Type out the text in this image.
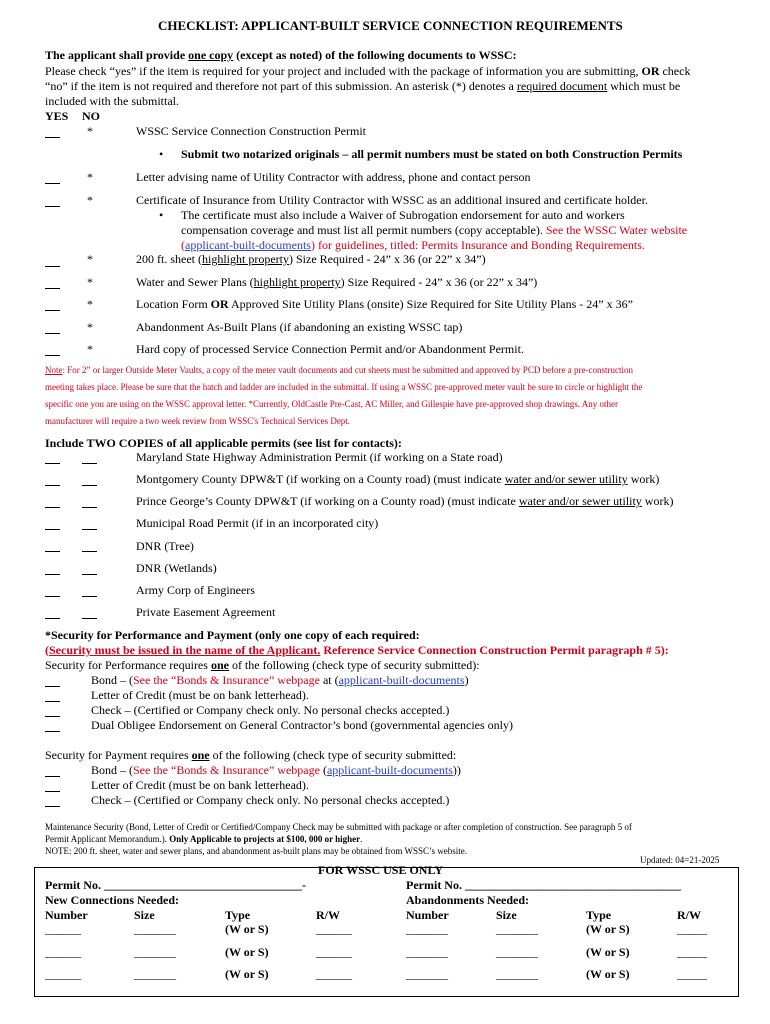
CHECKLIST: APPLICANT-BUILT SERVICE CONNECTION REQUIREMENTS
The applicant shall provide one copy (except as noted) of the following documents to WSSC:
Please check “yes” if the item is required for your project and included with the package of information you are submitting, OR check
“no” if the item is not required and therefore not part of this submission. An asterisk (*) denotes a required document which must be
included with the submittal.
YES NO
*	WSSC Service Connection Construction Permit
• Submit two notarized originals – all permit numbers must be stated on both Construction Permits
*	Letter advising name of Utility Contractor with address, phone and contact person
*	Certificate of Insurance from Utility Contractor with WSSC as an additional insured and certificate holder.
• The certificate must also include a Waiver of Subrogation endorsement for auto and workers
compensation coverage and must list all permit numbers (copy acceptable). See the WSSC Water website
(applicant-built-documents) for guidelines, titled: Permits Insurance and Bonding Requirements.
*	200 ft. sheet (highlight property) Size Required - 24” x 36 (or 22” x 34”)
*	Water and Sewer Plans (highlight property) Size Required - 24” x 36 (or 22” x 34”)
*	Location Form OR Approved Site Utility Plans (onsite) Size Required for Site Utility Plans - 24” x 36”
*	Abandonment As-Built Plans (if abandoning an existing WSSC tap)
*	Hard copy of processed Service Connection Permit and/or Abandonment Permit.
Note: For 2” or larger Outside Meter Vaults, a copy of the meter vault documents and cut sheets must be submitted and approved by PCD before a pre-construction
meeting takes place. Please be sure that the hatch and ladder are included in the submittal. If using a WSSC pre-approved meter vault be sure to circle or highlight the
specific one you are using on the WSSC approval letter. *Currently, OldCastle Pre-Cast, AC Miller, and Gillespie have pre-approved shop drawings. Any other
manufacturer will require a two week review from WSSC's Technical Services Dept.
Include TWO COPIES of all applicable permits (see list for contacts):
Maryland State Highway Administration Permit (if working on a State road)
Montgomery County DPW&T (if working on a County road) (must indicate water and/or sewer utility work)
Prince George’s County DPW&T (if working on a County road) (must indicate water and/or sewer utility work)
Municipal Road Permit (if in an incorporated city)
DNR (Tree)
DNR (Wetlands)
Army Corp of Engineers
Private Easement Agreement
*Security for Performance and Payment (only one copy of each required:
(Security must be issued in the name of the Applicant. Reference Service Connection Construction Permit paragraph # 5):
Security for Performance requires one of the following (check type of security submitted):
Bond – (See the “Bonds & Insurance” webpage at (applicant-built-documents)
Letter of Credit (must be on bank letterhead).
Check – (Certified or Company check only. No personal checks accepted.)
Dual Obligee Endorsement on General Contractor’s bond (governmental agencies only)
Security for Payment requires one of the following (check type of security submitted:
Bond – (See the “Bonds & Insurance” webpage (applicant-built-documents))
Letter of Credit (must be on bank letterhead).
Check – (Certified or Company check only. No personal checks accepted.)
Maintenance Security (Bond, Letter of Credit or Certified/Company Check may be submitted with package or after completion of construction. See paragraph 5 of
Permit Applicant Memorandum.). Only Applicable to projects at $100, 000 or higher.
NOTE: 200 ft. sheet, water and sewer plans, and abandonment as-built plans may be obtained from WSSC’s website.
Updated: 04=21-2025
FOR WSSC USE ONLY
Permit No. _________________________________-	Permit No. ____________________________________
New Connections Needed:	Abandonments Needed:
Number	Size	Type	R/W	Number	Size	Type	R/W
______	_______	(W or S)	______	_______	_______	(W or S)	_____
______	_______	(W or S)	______	_______	_______	(W or S)	_____
______	_______	(W or S)	______	_______	_______	(W or S)	_____
